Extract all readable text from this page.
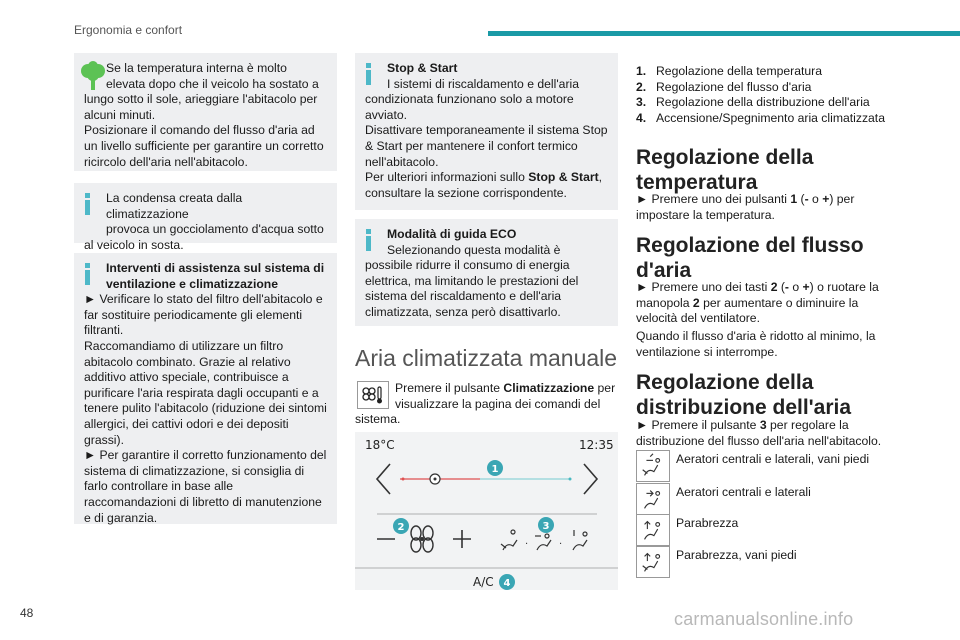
Ergonomia e confort
Se la temperatura interna è molto
elevata dopo che il veicolo ha sostato a

lungo sotto il sole, arieggiare l'abitacolo per alcuni minuti.

Posizionare il comando del flusso d'aria ad un livello sufficiente per garantire un corretto ricircolo dell'aria nell'abitacolo.

La condensa creata dalla climatizzazione
provoca un gocciolamento d'acqua sotto

al veicolo in sosta.

Interventi di assistenza sul sistema di
ventilazione e climatizzazione

► Verificare lo stato del filtro dell'abitacolo e far sostituire periodicamente gli elementi filtranti.

Raccomandiamo di utilizzare un filtro abitacolo combinato. Grazie al relativo additivo attivo speciale, contribuisce a purificare l'aria respirata dagli occupanti e a tenere pulito l'abitacolo (riduzione dei sintomi allergici, dei cattivi odori e dei depositi grassi).

► Per garantire il corretto funzionamento del sistema di climatizzazione, si consiglia di farlo controllare in base alle raccomandazioni di libretto di manutenzione e di garanzia.

Stop & Start
I sistemi di riscaldamento e dell'aria

condizionata funzionano solo a motore avviato.

Disattivare temporaneamente il sistema Stop & Start per mantenere il confort termico nell'abitacolo.

Per ulteriori informazioni sullo Stop & Start, consultare la sezione corrispondente.

Modalità di guida ECO
Selezionando questa modalità è

possibile ridurre il consumo di energia elettrica, ma limitando le prestazioni del sistema del riscaldamento e dell'aria climatizzata, senza però disattivarlo.

Aria climatizzata manuale

Premere il pulsante Climatizzazione per
visualizzare la pagina dei comandi del

sistema.

18°C	12:35
1
2
·
3
·
A/C 4
1. Regolazione della temperatura
2. Regolazione del flusso d'aria
3. Regolazione della distribuzione dell'aria
4. Accensione/Spegnimento aria climatizzata
Regolazione della
temperatura

► Premere uno dei pulsanti 1 (- o +) per impostare la temperatura.

Regolazione del flusso
d'aria

► Premere uno dei tasti 2 (- o +) o ruotare la manopola 2 per aumentare o diminuire la velocità del ventilatore.

Quando il flusso d'aria è ridotto al minimo, la ventilazione si interrompe.

Regolazione della
distribuzione dell'aria

► Premere il pulsante 3 per regolare la distribuzione del flusso dell'aria nell'abitacolo.

Aeratori centrali e laterali, vani piedi
Aeratori centrali e laterali
Parabrezza
Parabrezza, vani piedi
48	carmanualsonline.info
